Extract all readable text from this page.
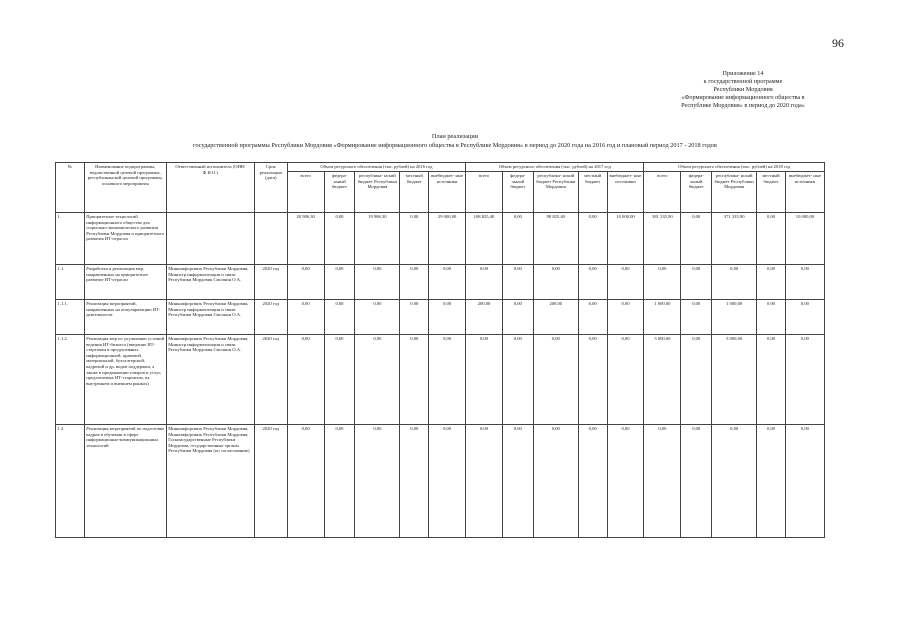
96
Приложение 14
к государственной программе
Республики Мордовия
«Формирование информационного общества в
Республике Мордовия» в период до 2020 года»
План реализации
государственной программы Республики Мордовия «Формирование информационного общества в Республике Мордовия» в период до 2020 года на 2016 год и плановый период 2017 - 2018 годов
№	Наименование подпрограммы, ведомственной целевой программы, республиканской целевой программы, основного мероприятия	Ответственный исполнитель (ОИВ/Ф.И.О.)	Срок реализации (дата)	Объем ресурсного обеспечения (тыс. рублей) на 2016 год					Объем ресурсного обеспечения (тыс. рублей) на 2017 год					Объем ресурсного обеспечения (тыс. рублей) на 2018 год				
				всего	федера- льный бюджет	республика- нский бюджет Республики Мордовия	местный бюджет	внебюджет- ные источники	всего	федера- льный бюджет	республика- нский бюджет Республики Мордовия	местный бюджет	внебюджет- ные источники	всего	федера- льный бюджет	республика- нский бюджет Республики Мордовия	местный бюджет	внебюджет- ные источники
1.	Приоритетное технологий информационного общества для социально-экономического развития Республики Мордовия и приоритетного развития ИТ-отрасли			20 986,30	0,00	19 986,30	0,00	29 000,00	108 825,40	0,00	98 825,40	0,00	10 000,00	381 335,90	0,00	371 335,90	0,00	10 000,00
1.1.	Разработка и реализация мер, направленных на приоритетное развитие ИТ-отрасли	Минкомфорсвязь Республики Мордовия, Министр информатизации и связи Республики Мордовия Смолкин О.А.	2020 год	0,00	0,00	0,00	0,00	0,00	0,00	0,00	0,00	0,00	0,00	0,00	0,00	0,00	0,00	0,00
1.1.1.	Реализация мероприятий, направленных на популяризацию ИТ-деятельности	Минкомфорсвязь Республики Мордовия, Министр информатизации и связи Республики Мордовия Смолкин О.А.	2020 год	0,00	0,00	0,00	0,00	0,00	200,00	0,00	200,00	0,00	0,00	1 000,00	0,00	1 000,00	0,00	0,00
1.1.2.	Реализация мер по улучшению условий ведения ИТ-бизнеса (введение ИТ-стартапам в продуктивных информационной, правовой, материальной, бухгалтерской, кадровой и др. видов поддержки, а также в продвижении товаров и услуг, предлагаемых ИТ-стартапом, их внутреннем и внешнем рынках)	Минкомфорсвязь Республики Мордовия, Министр информатизации и связи Республики Мордовия Смолкин О.А.	2020 год	0,00	0,00	0,00	0,00	0,00	0,00	0,00	0,00	0,00	0,00	5 000,00	0,00	5 000,00	0,00	0,00
1.2.	Реализация мероприятий по подготовке кадров в обучении в сфере информационно-коммуникационных технологий	Минкомфорсвязь Республики Мордовия, Минкомфорсвязь Республики Мордовия, Госкомсударственные Республики Мордовия, государственные органы Республики Мордовия (по согласованию)	2020 год	0,00	0,00	0,00	0,00	0,00	0,00	0,00	0,00	0,00	0,00	0,00	0,00	0,00	0,00	0,00
